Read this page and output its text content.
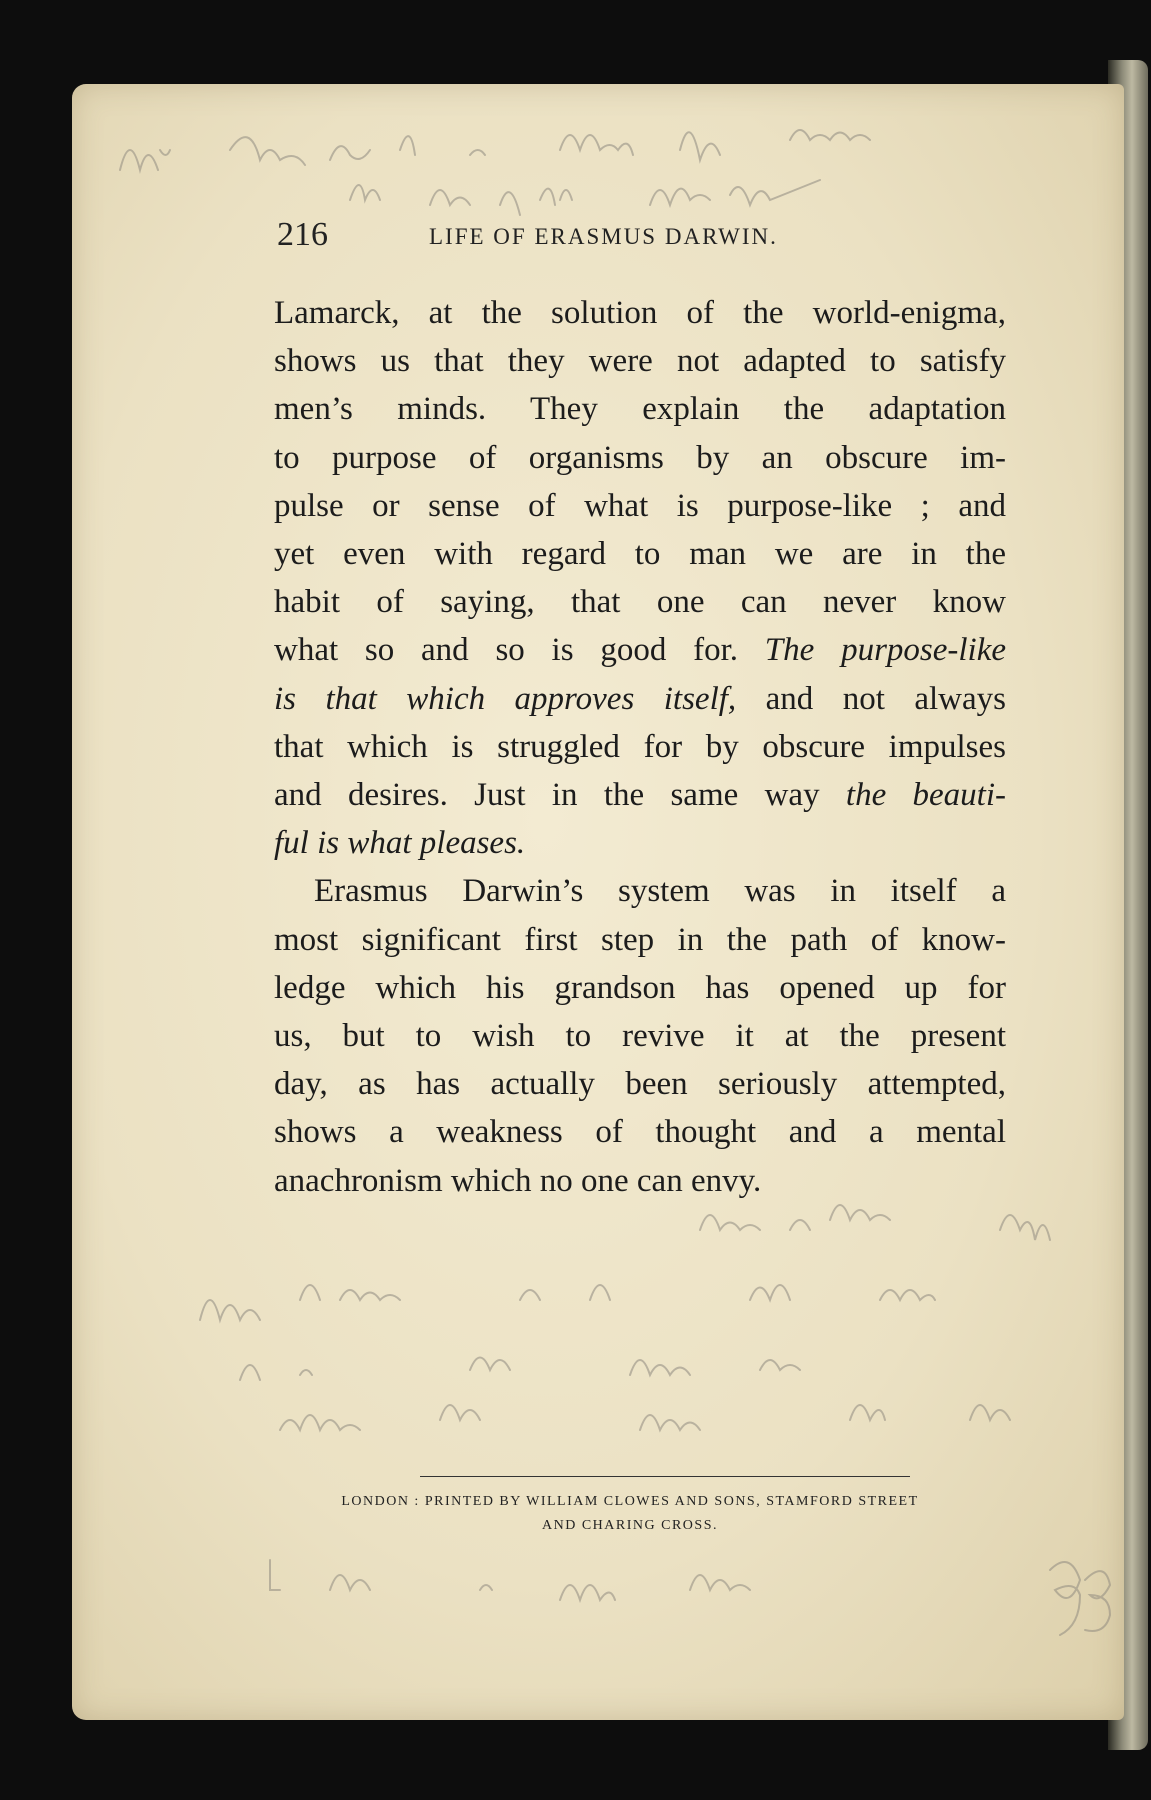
216	LIFE OF ERASMUS DARWIN.

Lamarck, at the solution of the world-enigma,

shows us that they were not adapted to satisfy

men’s minds. They explain the adaptation

to purpose of organisms by an obscure im-

pulse or sense of what is purpose-like ; and

yet even with regard to man we are in the

habit of saying, that one can never know

what so and so is good for. The purpose-like

is that which approves itself, and not always

that which is struggled for by obscure impulses

and desires. Just in the same way the beauti-

ful is what pleases.

Erasmus Darwin’s system was in itself a

most significant first step in the path of know-

ledge which his grandson has opened up for

us, but to wish to revive it at the present

day, as has actually been seriously attempted,

shows a weakness of thought and a mental

anachronism which no one can envy.

LONDON : PRINTED BY WILLIAM CLOWES AND SONS, STAMFORD STREET
AND CHARING CROSS.
